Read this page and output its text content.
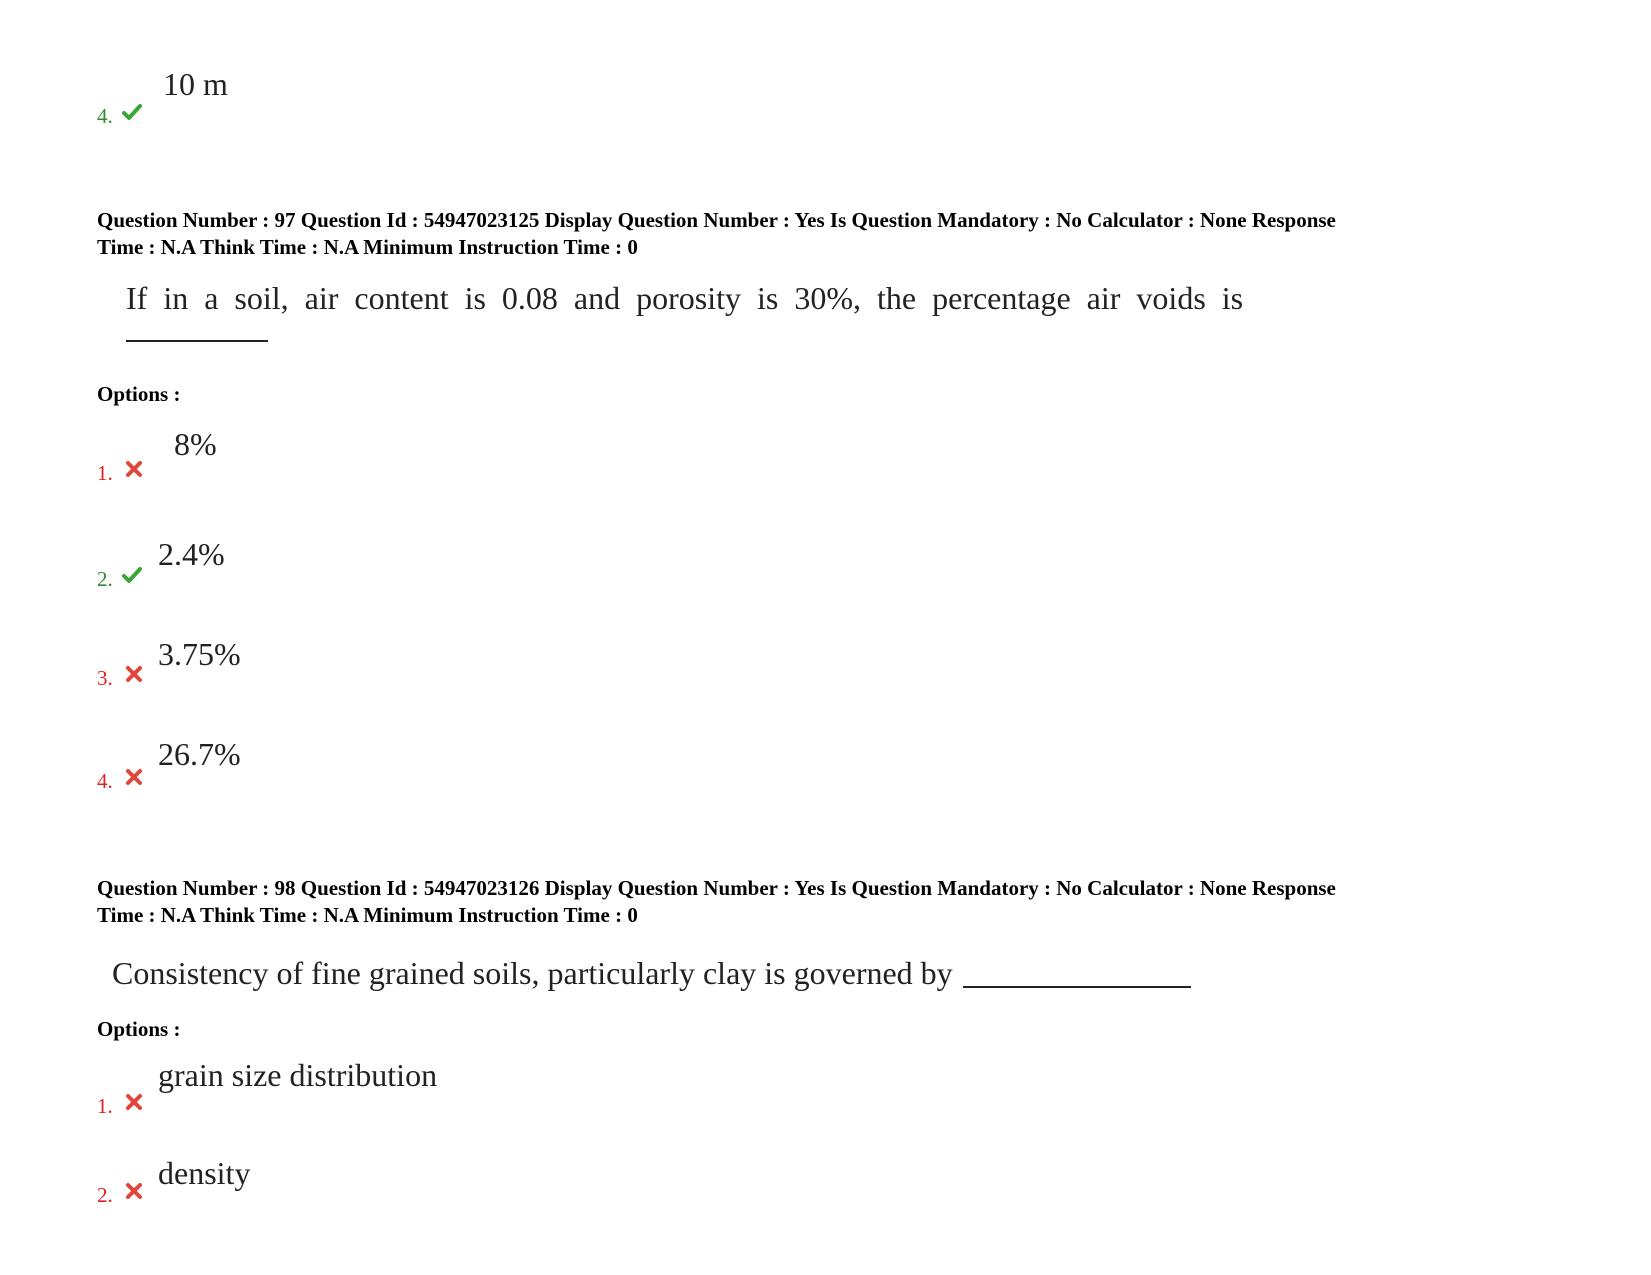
4.
10 m
Question Number : 97 Question Id : 54947023125 Display Question Number : Yes Is Question Mandatory : No Calculator : None Response
Time : N.A Think Time : N.A Minimum Instruction Time : 0
If in a soil, air content is 0.08 and porosity is 30%, the percentage air voids is
Options :
1.
8%
2.
2.4%
3.
3.75%
4.
26.7%
Question Number : 98 Question Id : 54947023126 Display Question Number : Yes Is Question Mandatory : No Calculator : None Response
Time : N.A Think Time : N.A Minimum Instruction Time : 0
Consistency of fine grained soils, particularly clay is governed by
Options :
1.
grain size distribution
2.
density
